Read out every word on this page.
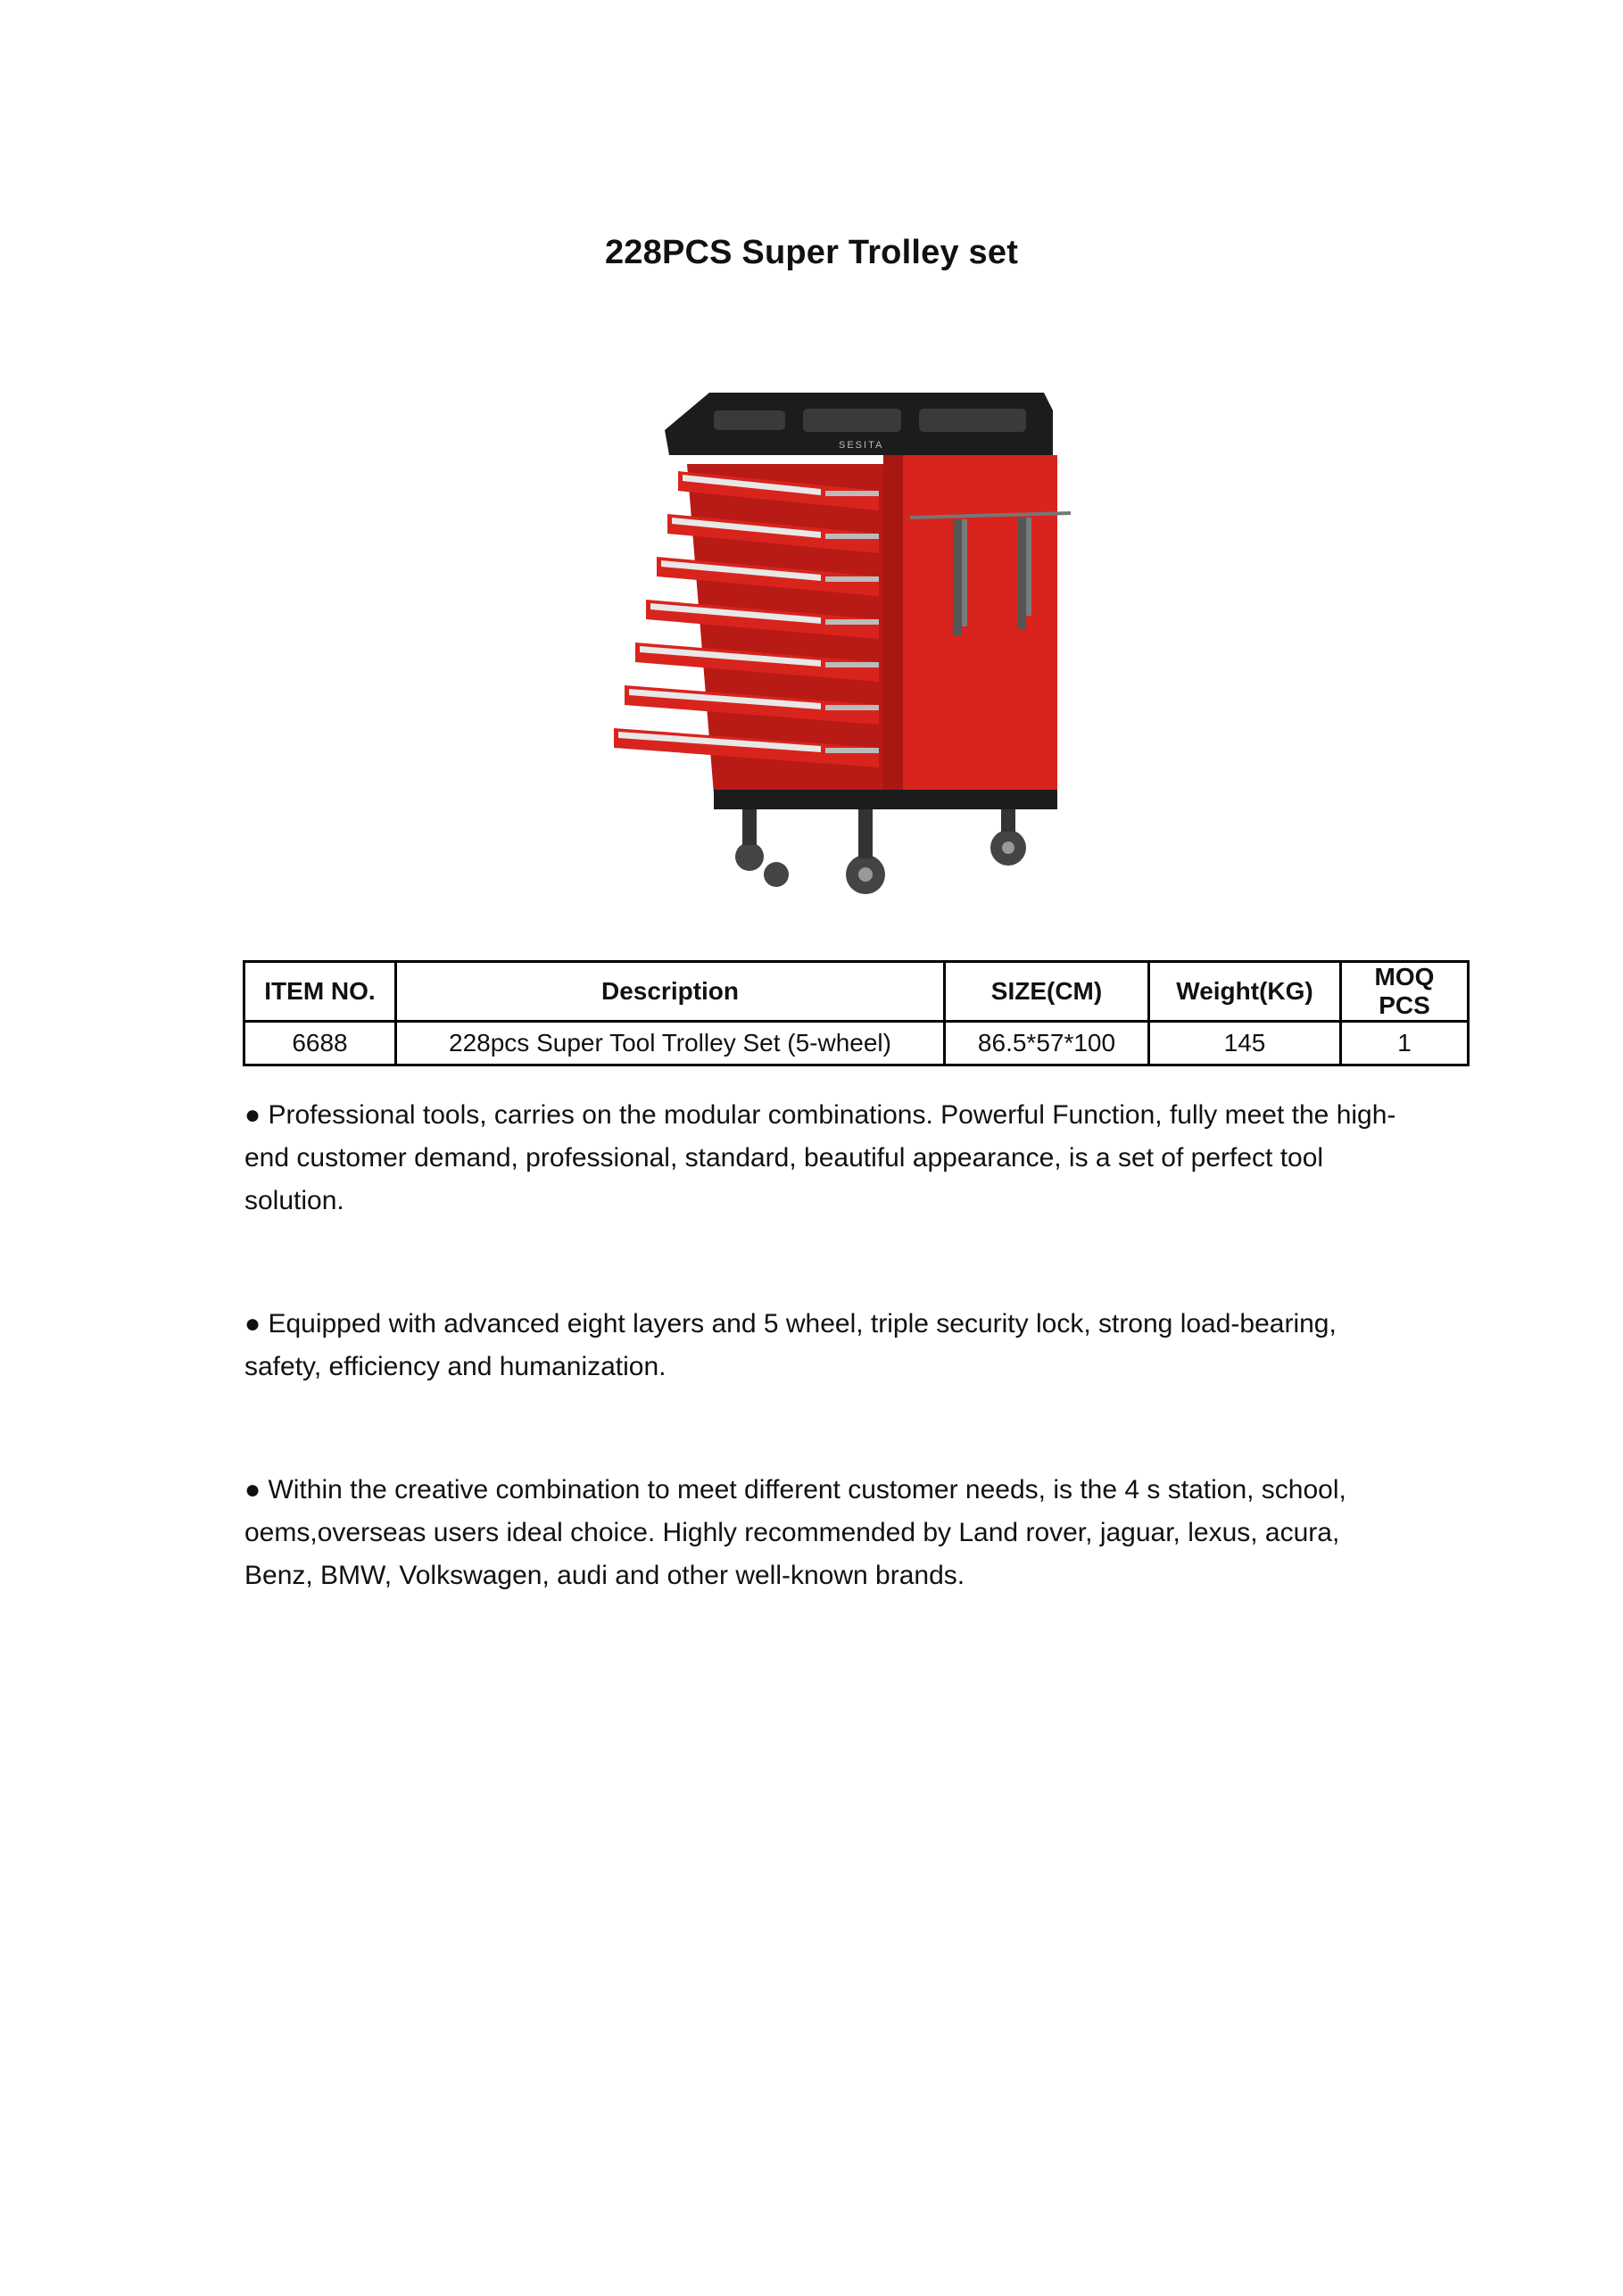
228PCS Super Trolley set
SESITA
ITEM NO.	Description	SIZE(CM)	Weight(KG)	MOQ PCS
6688	228pcs Super Tool Trolley Set (5-wheel)	86.5*57*100	145	1

● Professional tools, carries on the modular combinations. Powerful Function, fully meet the high-end customer demand, professional, standard, beautiful appearance, is a set of perfect tool solution.

● Equipped with advanced eight layers and 5 wheel, triple security lock, strong load-bearing, safety, efficiency and humanization.

● Within the creative combination to meet different customer needs, is the 4 s station, school, oems,overseas users ideal choice. Highly recommended by Land rover, jaguar, lexus, acura, Benz, BMW, Volkswagen, audi and other well-known brands.
